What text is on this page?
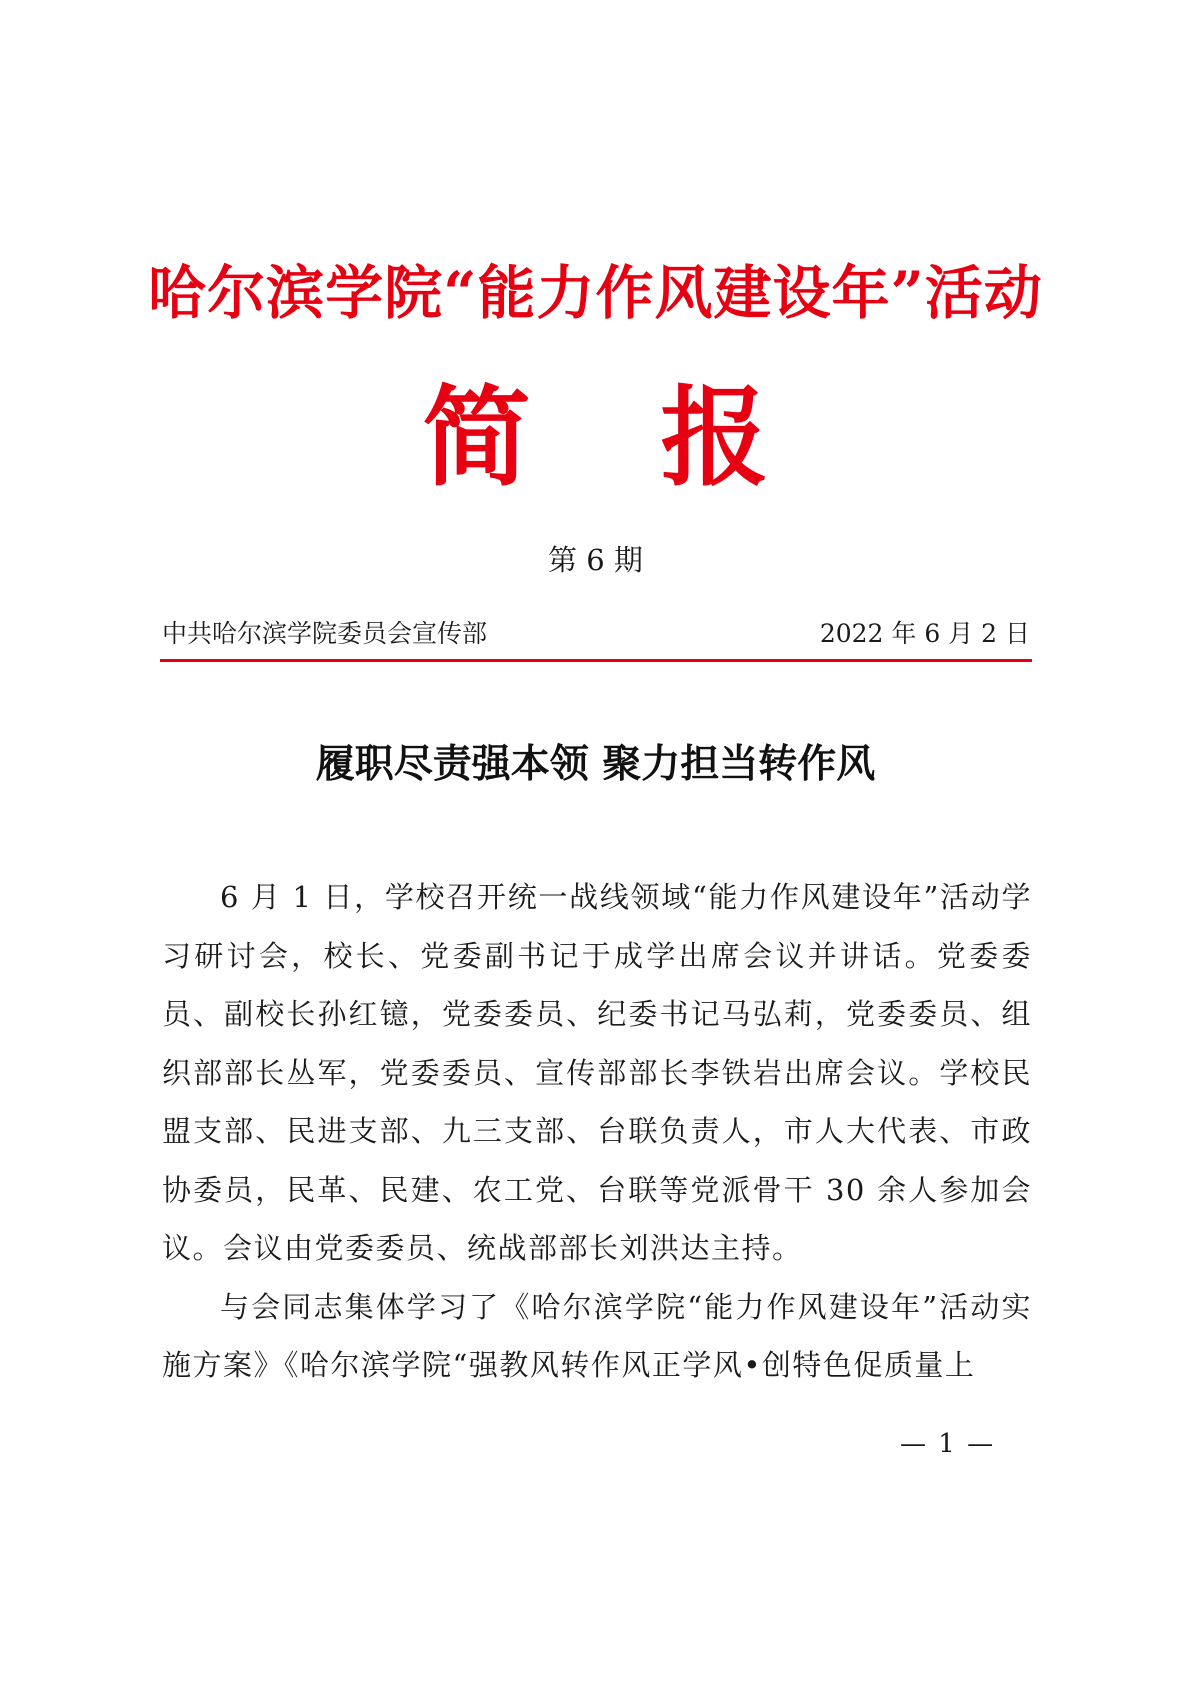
哈尔滨学院“能力作风建设年”活动
简报
第 6 期
中共哈尔滨学院委员会宣传部	2022 年 6 月 2 日
履职尽责强本领 聚力担当转作风

6 月 1 日，学校召开统一战线领域“能力作风建设年”活动学习研讨会，校长、党委副书记于成学出席会议并讲话。党委委员、副校长孙红镱，党委委员、纪委书记马弘莉，党委委员、组织部部长丛军，党委委员、宣传部部长李铁岩出席会议。学校民盟支部、民进支部、九三支部、台联负责人，市人大代表、市政协委员，民革、民建、农工党、台联等党派骨干 30 余人参加会议。会议由党委委员、统战部部长刘洪达主持。

与会同志集体学习了《哈尔滨学院“能力作风建设年”活动实施方案》《哈尔滨学院“强教风转作风正学风•创特色促质量上

— 1 —
